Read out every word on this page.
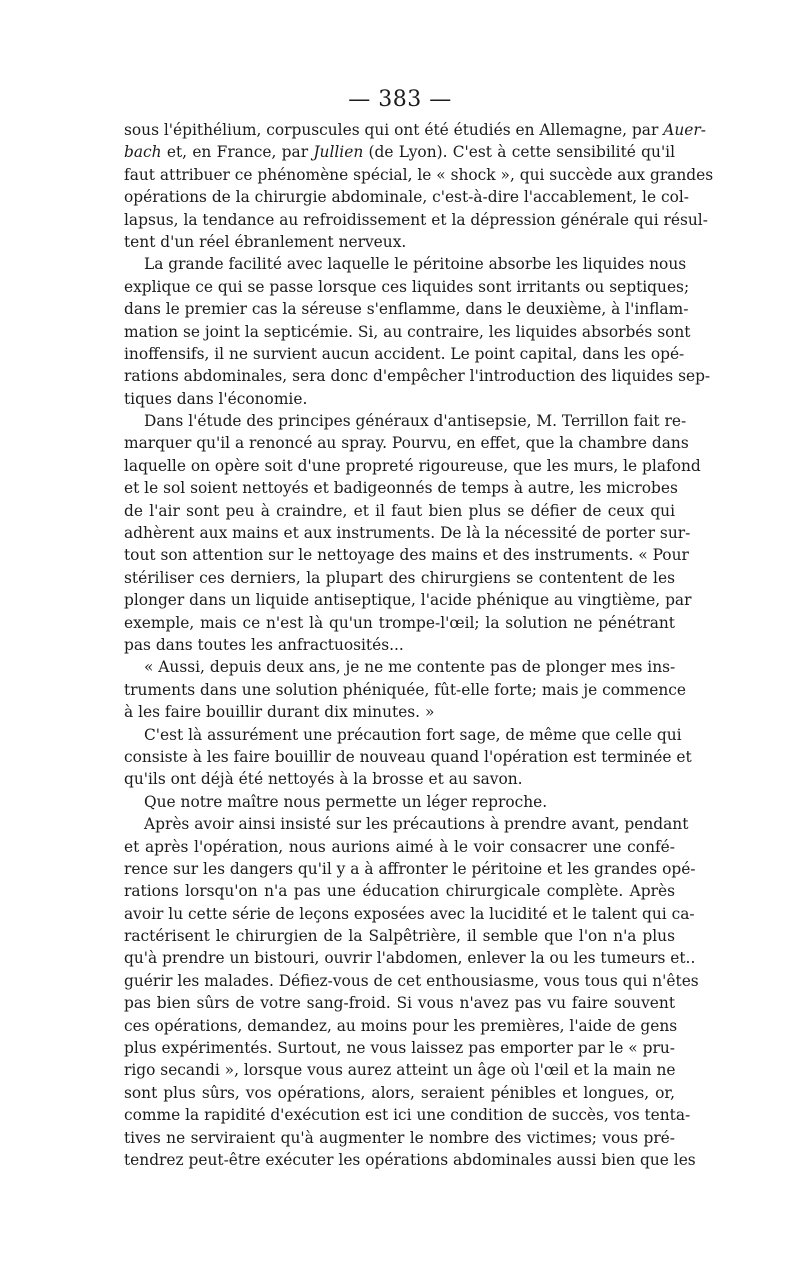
— 383 —
sous l'épithélium, corpuscules qui ont été étudiés en Allemagne, par Auer-
bach et, en France, par Jullien (de Lyon). C'est à cette sensibilité qu'il
faut attribuer ce phénomène spécial, le « shock », qui succède aux grandes
opérations de la chirurgie abdominale, c'est-à-dire l'accablement, le col-
lapsus, la tendance au refroidissement et la dépression générale qui résul-
tent d'un réel ébranlement nerveux.
La grande facilité avec laquelle le péritoine absorbe les liquides nous
explique ce qui se passe lorsque ces liquides sont irritants ou septiques;
dans le premier cas la séreuse s'enflamme, dans le deuxième, à l'inflam-
mation se joint la septicémie. Si, au contraire, les liquides absorbés sont
inoffensifs, il ne survient aucun accident. Le point capital, dans les opé-
rations abdominales, sera donc d'empêcher l'introduction des liquides sep-
tiques dans l'économie.
Dans l'étude des principes généraux d'antisepsie, M. Terrillon fait re-
marquer qu'il a renoncé au spray. Pourvu, en effet, que la chambre dans
laquelle on opère soit d'une propreté rigoureuse, que les murs, le plafond
et le sol soient nettoyés et badigeonnés de temps à autre, les microbes
de l'air sont peu à craindre, et il faut bien plus se défier de ceux qui
adhèrent aux mains et aux instruments. De là la nécessité de porter sur-
tout son attention sur le nettoyage des mains et des instruments. « Pour
stériliser ces derniers, la plupart des chirurgiens se contentent de les
plonger dans un liquide antiseptique, l'acide phénique au vingtième, par
exemple, mais ce n'est là qu'un trompe-l'œil; la solution ne pénétrant
pas dans toutes les anfractuosités...
« Aussi, depuis deux ans, je ne me contente pas de plonger mes ins-
truments dans une solution phéniquée, fût-elle forte; mais je commence
à les faire bouillir durant dix minutes. »
C'est là assurément une précaution fort sage, de même que celle qui
consiste à les faire bouillir de nouveau quand l'opération est terminée et
qu'ils ont déjà été nettoyés à la brosse et au savon.
Que notre maître nous permette un léger reproche.
Après avoir ainsi insisté sur les précautions à prendre avant, pendant
et après l'opération, nous aurions aimé à le voir consacrer une confé-
rence sur les dangers qu'il y a à affronter le péritoine et les grandes opé-
rations lorsqu'on n'a pas une éducation chirurgicale complète. Après
avoir lu cette série de leçons exposées avec la lucidité et le talent qui ca-
ractérisent le chirurgien de la Salpêtrière, il semble que l'on n'a plus
qu'à prendre un bistouri, ouvrir l'abdomen, enlever la ou les tumeurs et..
guérir les malades. Défiez-vous de cet enthousiasme, vous tous qui n'êtes
pas bien sûrs de votre sang-froid. Si vous n'avez pas vu faire souvent
ces opérations, demandez, au moins pour les premières, l'aide de gens
plus expérimentés. Surtout, ne vous laissez pas emporter par le « pru-
rigo secandi », lorsque vous aurez atteint un âge où l'œil et la main ne
sont plus sûrs, vos opérations, alors, seraient pénibles et longues, or,
comme la rapidité d'exécution est ici une condition de succès, vos tenta-
tives ne serviraient qu'à augmenter le nombre des victimes; vous pré-
tendrez peut-être exécuter les opérations abdominales aussi bien que les
